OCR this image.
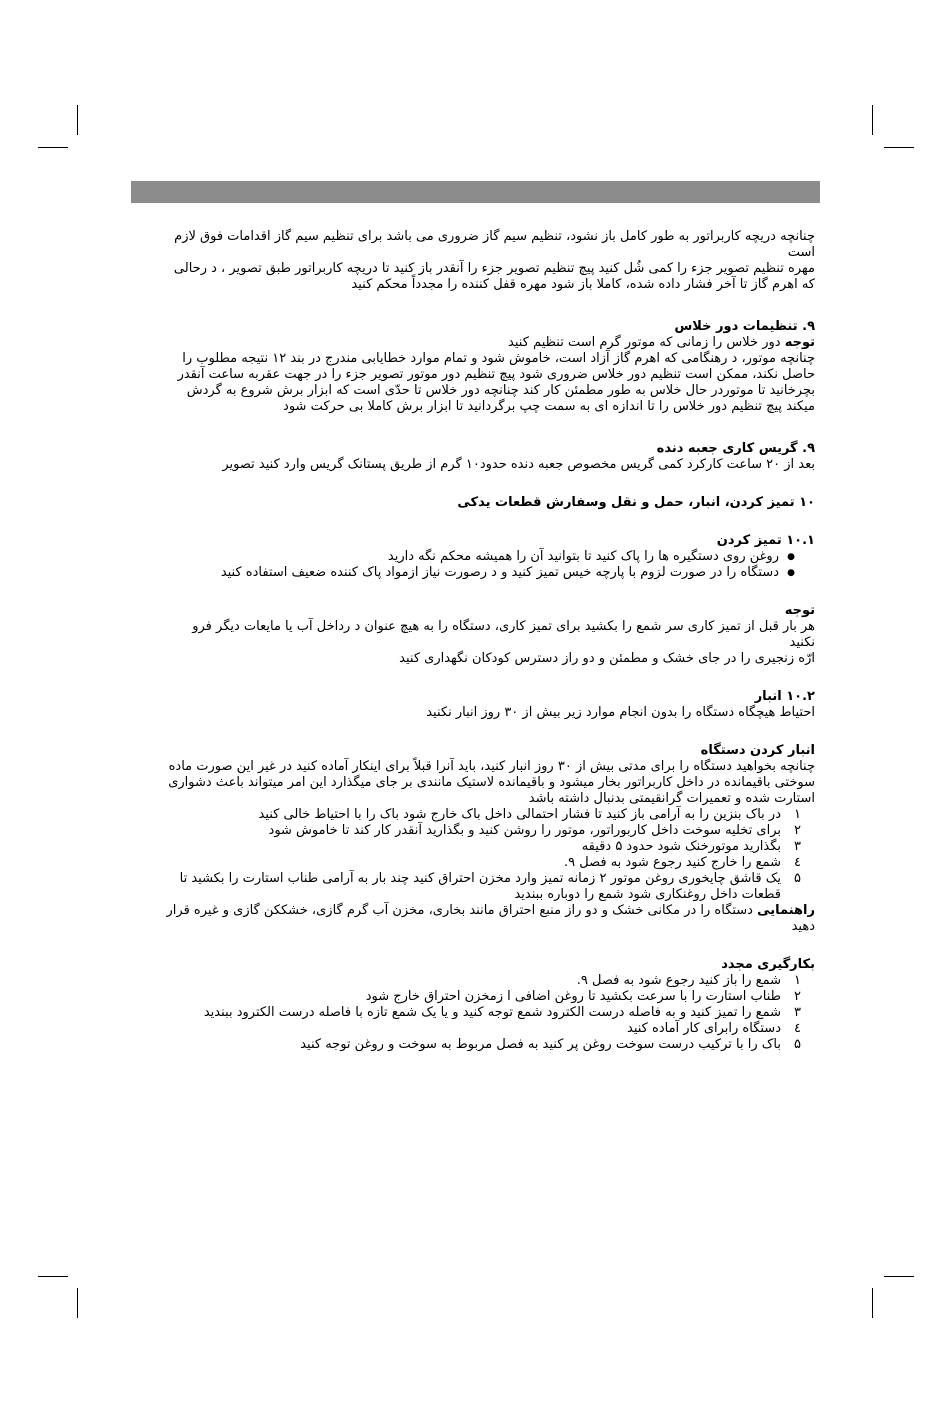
چنانچه دریچه کاربراتور به طور کامل باز نشود، تنظیم سیم گاز ضروری می باشد برای تنظیم سیم گاز اقدامات فوق لازم است

مهره تنظیم تصویر جزء را کمی شُل کنید پیچ تنظیم تصویر جزء را آنقدر باز کنید تا دریچه کاربراتور طبق تصویر ، د رحالی که اهرم گاز تا آخر فشار داده شده، کاملا باز شود مهره قفل کننده را مجدداً محکم کنید

۹. تنظیمات دور خلاس

توجه دور خلاس را زمانی که موتور گرم است تنظیم کنید

چنانچه موتور، د رهنگامی که اهرم گاز آزاد است، خاموش شود و تمام موارد خطایابی مندرج در بند ۱۲ نتیجه مطلوب را حاصل نکند، ممکن است تنظیم دور خلاس ضروری شود پیچ تنظیم دور موتور تصویر جزء را در جهت عقربه ساعت آنقدر بچرخانید تا موتوردر حال خلاس به طور مطمئن کار کند چنانچه دور خلاس تا حدّی است که ابزار برش شروع به گردش میکند پیچ تنظیم دور خلاس را تا اندازه ای به سمت چپ برگردانید تا ابزار برش کاملا بی حرکت شود

۹. گریس کاری جعبه دنده

بعد از ۲۰ ساعت کارکرد کمی گریس مخصوص جعبه دنده حدود۱۰ گرم از طریق پستانک گریس وارد کنید تصویر

۱۰ تمیز کردن، انبار، حمل و نقل وسفارش قطعات یدکی

۱۰.۱ تمیز کردن

● روغن روی دستگیره ها را پاک کنید تا بتوانید آن را همیشه محکم نگه دارید
● دستگاه را در صورت لزوم با پارچه خیس تمیز کنید و د رصورت نیاز ازمواد پاک کننده ضعیف استفاده کنید

توجه

هر بار قبل از تمیز کاری سر شمع را بکشید برای تمیز کاری، دستگاه را به هیچ عنوان د رداخل آب یا مایعات دیگر فرو نکنید

ارّه زنجیری را در جای خشک و مطمئن و دو راز دسترس کودکان نگهداری کنید

۱۰.۲ انبار

احتیاط هیچگاه دستگاه را بدون انجام موارد زیر بیش از ۳۰ روز انبار نکنید

انبار کردن دستگاه

چنانچه بخواهید دستگاه را برای مدتی بیش از ۳۰ روز انبار کنید، باید آنرا قبلاً برای اینکار آماده کنید در غیر این صورت ماده سوختی باقیمانده در داخل کاربراتور بخار میشود و باقیمانده لاستیک مانندی بر جای میگذارد این امر میتواند باعث دشواری استارت شده و تعمیرات گرانقیمتی بدنبال داشته باشد

۱
در باک بنزین را به آرامی باز کنید تا فشار احتمالی داخل باک خارج شود باک را با احتیاط خالی کنید
۲
برای تخلیه سوخت داخل کاربوراتور، موتور را روشن کنید و بگذارید آنقدر کار کند تا خاموش شود
۳
بگذارید موتورخنک شود حدود ۵ دقیقه
٤
شمع را خارج کنید رجوع شود به فصل ۹.
۵
یک قاشق چایخوری روغن موتور ۲ زمانه تمیز وارد مخزن احتراق کنید چند بار به آرامی طناب استارت را بکشید تا قطعات داخل روغنکاری شود شمع را دوباره ببندید

راهنمایی دستگاه را در مکانی خشک و دو راز منبع احتراق مانند بخاری، مخزن آب گرم گازی، خشککن گازی و غیره قرار دهید

بکارگیری مجدد

۱
شمع را باز کنید رجوع شود به فصل ۹.
۲
طناب استارت را با سرعت بکشید تا روغن اضافی ا زمخزن احتراق خارج شود
۳
شمع را تمیز کنید و به فاصله درست الکترود شمع توجه کنید و یا یک شمع تازه با فاصله درست الکترود ببندید
٤
دستگاه رابرای کار آماده کنید
۵
باک را با ترکیب درست سوخت روغن پر کنید به فصل مربوط به سوخت و روغن توجه کنید
